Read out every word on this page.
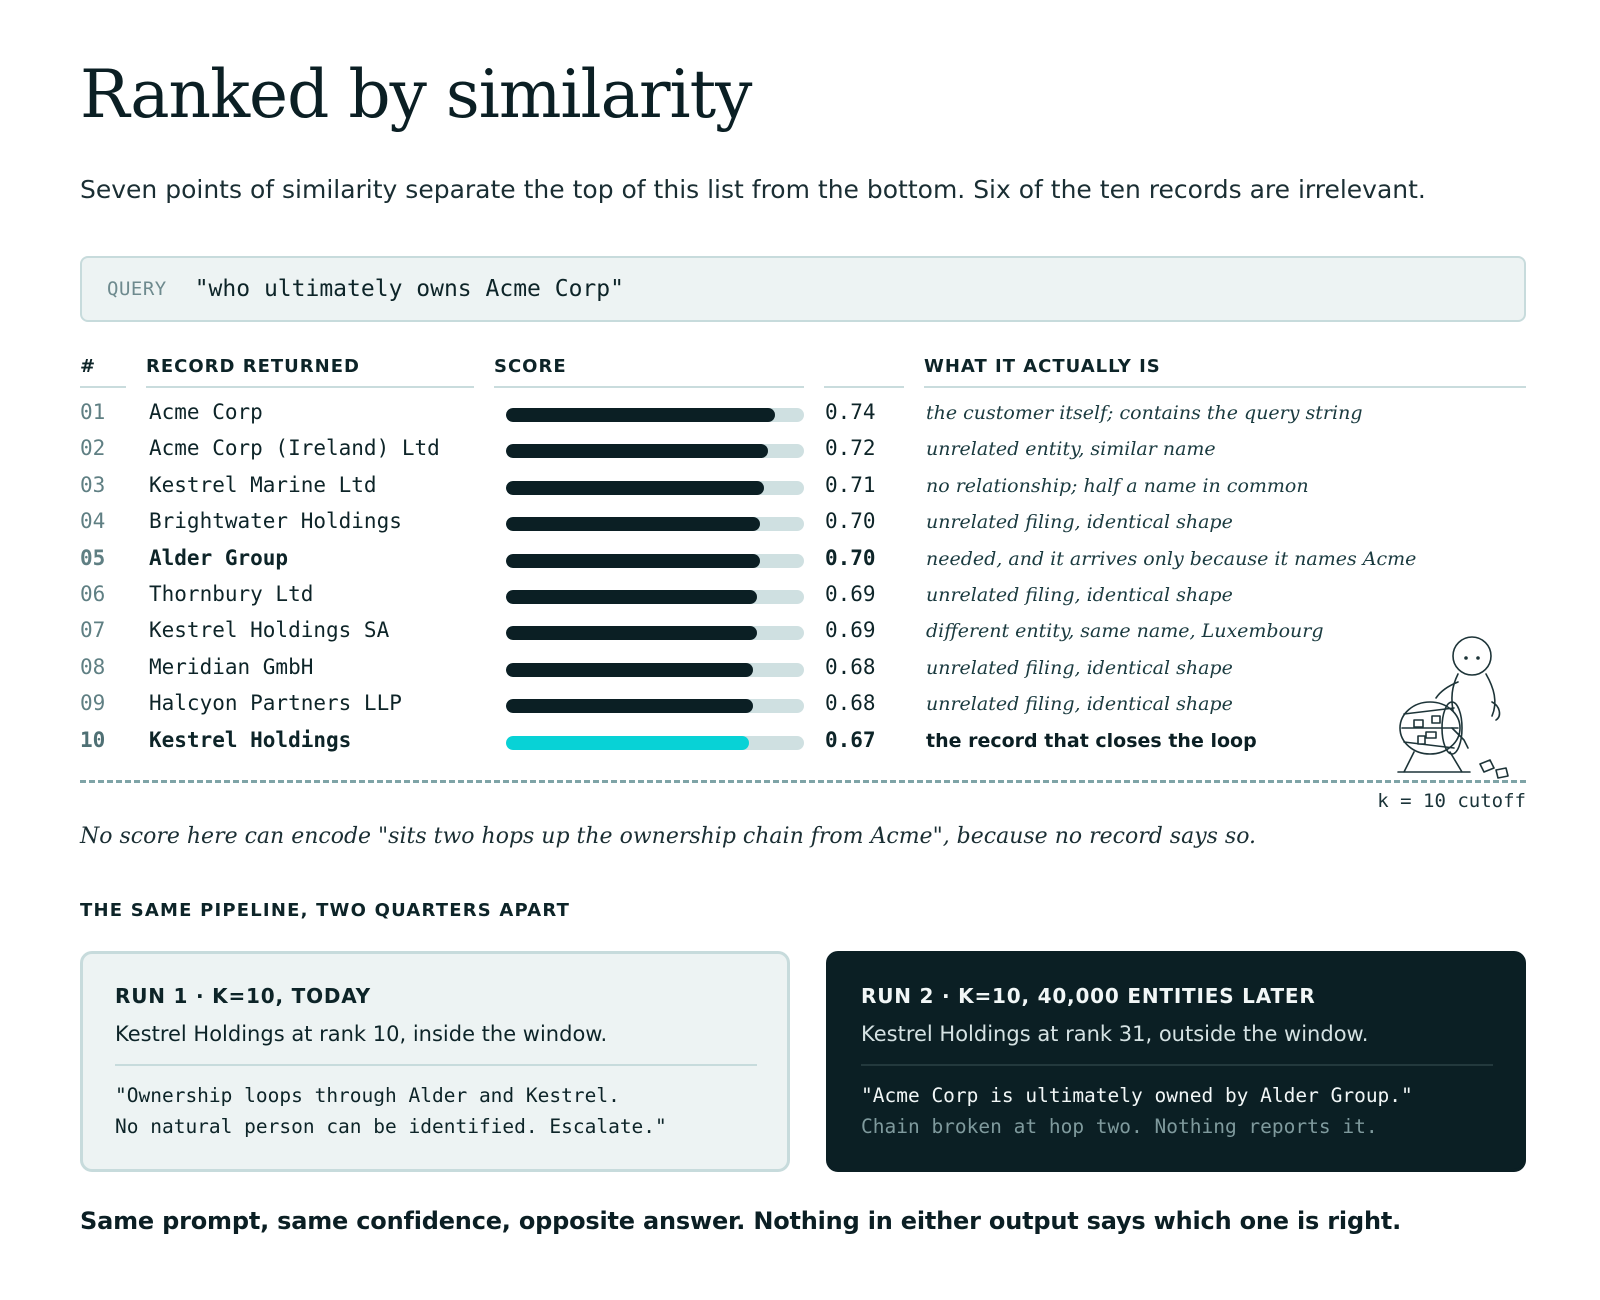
Ranked by similarity

Seven points of similarity separate the top of this list from the bottom. Six of the ten records are irrelevant.

QUERY "who ultimately owns Acme Corp"
#	RECORD RETURNED	SCORE	WHAT IT ACTUALLY IS
01 Acme Corp	0.74	the customer itself; contains the query string
02 Acme Corp (Ireland) Ltd	0.72	unrelated entity, similar name
03 Kestrel Marine Ltd	0.71	no relationship; half a name in common
04 Brightwater Holdings	0.70	unrelated filing, identical shape
05 Alder Group	0.70	needed, and it arrives only because it names Acme
06 Thornbury Ltd	0.69	unrelated filing, identical shape
07 Kestrel Holdings SA	0.69	different entity, same name, Luxembourg
08 Meridian GmbH	0.68	unrelated filing, identical shape
09 Halcyon Partners LLP	0.68	unrelated filing, identical shape
10 Kestrel Holdings	0.67	the record that closes the loop
k = 10 cutoff

No score here can encode "sits two hops up the ownership chain from Acme", because no record says so.

THE SAME PIPELINE, TWO QUARTERS APART
RUN 1 · K=10, TODAY
Kestrel Holdings at rank 10, inside the window.
"Ownership loops through Alder and Kestrel.
No natural person can be identified. Escalate."
RUN 2 · K=10, 40,000 ENTITIES LATER
Kestrel Holdings at rank 31, outside the window.
"Acme Corp is ultimately owned by Alder Group."
Chain broken at hop two. Nothing reports it.

Same prompt, same confidence, opposite answer. Nothing in either output says which one is right.
